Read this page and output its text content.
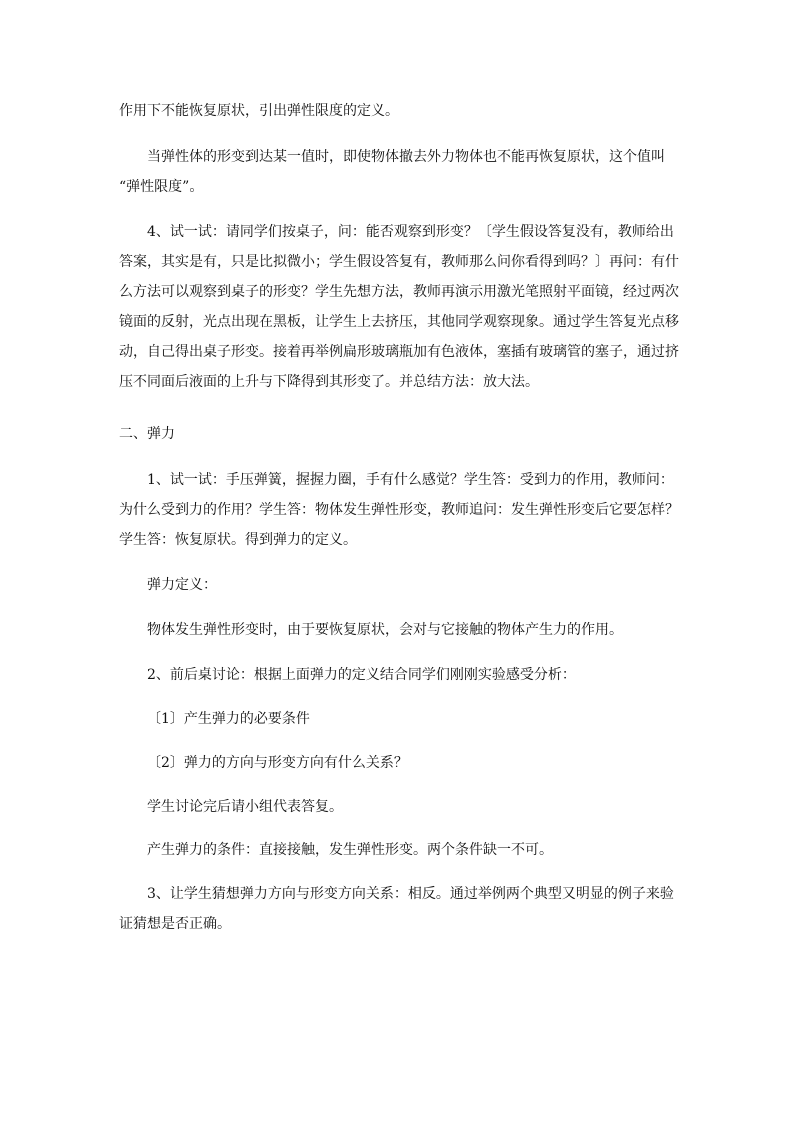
作用下不能恢复原状，引出弹性限度的定义。
当弹性体的形变到达某一值时，即使物体撤去外力物体也不能再恢复原状，这个值叫
“弹性限度”。
4、试一试：请同学们按桌子，问：能否观察到形变？〔学生假设答复没有，教师给出
答案，其实是有，只是比拟微小；学生假设答复有，教师那么问你看得到吗？〕再问：有什
么方法可以观察到桌子的形变？学生先想方法，教师再演示用激光笔照射平面镜，经过两次
镜面的反射，光点出现在黑板，让学生上去挤压，其他同学观察现象。通过学生答复光点移
动，自己得出桌子形变。接着再举例扁形玻璃瓶加有色液体，塞插有玻璃管的塞子，通过挤
压不同面后液面的上升与下降得到其形变了。并总结方法：放大法。
二、弹力
1、试一试：手压弹簧，握握力圈，手有什么感觉？学生答：受到力的作用，教师问：
为什么受到力的作用？学生答：物体发生弹性形变，教师追问：发生弹性形变后它要怎样？
学生答：恢复原状。得到弹力的定义。
弹力定义：
物体发生弹性形变时，由于要恢复原状，会对与它接触的物体产生力的作用。
2、前后桌讨论：根据上面弹力的定义结合同学们刚刚实验感受分析：
〔1〕产生弹力的必要条件
〔2〕弹力的方向与形变方向有什么关系？
学生讨论完后请小组代表答复。
产生弹力的条件：直接接触，发生弹性形变。两个条件缺一不可。
3、让学生猜想弹力方向与形变方向关系：相反。通过举例两个典型又明显的例子来验
证猜想是否正确。
